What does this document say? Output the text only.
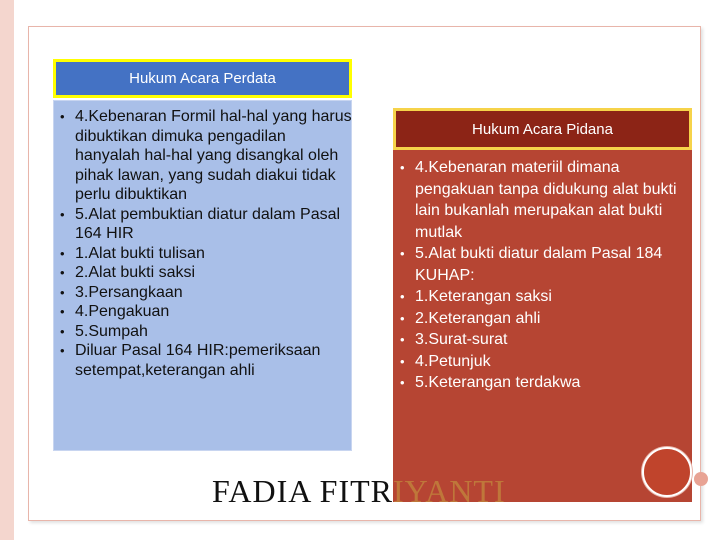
Hukum Acara Perdata
• 4.Kebenaran Formil hal-hal yang harus dibuktikan dimuka pengadilan hanyalah hal-hal yang disangkal oleh pihak lawan, yang sudah diakui tidak perlu dibuktikan
• 5.Alat pembuktian diatur dalam Pasal 164 HIR
• 1.Alat bukti tulisan
• 2.Alat bukti saksi
• 3.Persangkaan
• 4.Pengakuan
• 5.Sumpah
• Diluar Pasal 164 HIR:pemeriksaan setempat,keterangan ahli
Hukum Acara Pidana
• 4.Kebenaran materiil dimana pengakuan tanpa didukung alat bukti lain bukanlah merupakan alat bukti mutlak
• 5.Alat bukti diatur dalam Pasal 184 KUHAP:
• 1.Keterangan saksi
• 2.Keterangan ahli
• 3.Surat-surat
• 4.Petunjuk
• 5.Keterangan terdakwa
FADIA FITRIYANTI
